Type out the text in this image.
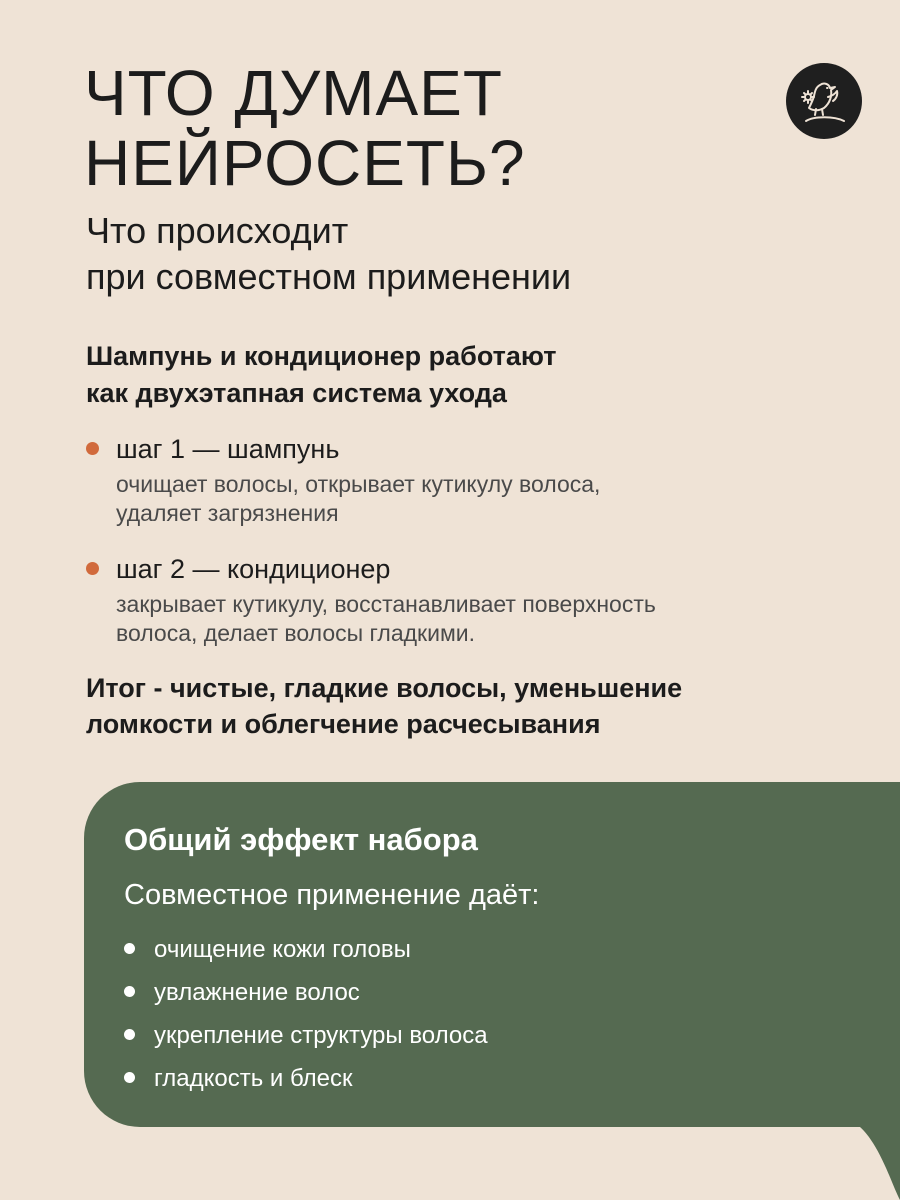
ЧТО ДУМАЕТ
НЕЙРОСЕТЬ?
Что происходит
при совместном применении

Шампунь и кондиционер работают
как двухэтапная система ухода

шаг 1 — шампунь
очищает волосы, открывает кутикулу волоса,
удаляет загрязнения
шаг 2 — кондиционер
закрывает кутикулу, восстанавливает поверхность
волоса, делает волосы гладкими.

Итог - чистые, гладкие волосы, уменьшение
ломкости и облегчение расчесывания

Общий эффект набора
Совместное применение даёт:
очищение кожи головы
увлажнение волос
укрепление структуры волоса
гладкость и блеск
